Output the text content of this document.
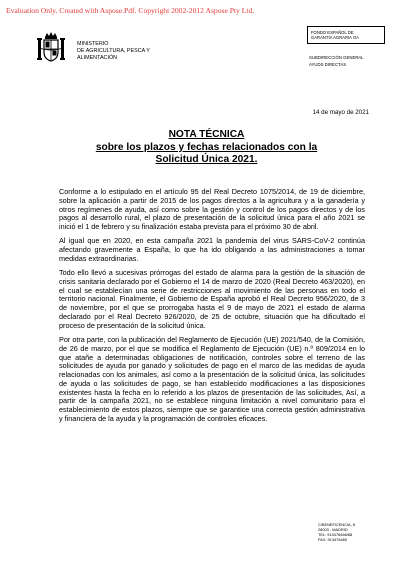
Evaluation Only. Created with Aspose.Pdf. Copyright 2002-2012 Aspose Pty Ltd.
MINISTERIO
DE AGRICULTURA, PESCA Y
ALIMENTACIÓN
FONDO ESPAÑOL DE
GARANTÍA AGRARIA OA
SUBDIRECCIÓN GENERAL
AYUDS DIRECTAS
14 de mayo de 2021
NOTA TÉCNICA
sobre los plazos y fechas relacionados con la
Solicitud Única 2021.

Conforme a lo estipulado en el artículo 95 del Real Decreto 1075/2014, de 19 de diciembre, sobre la aplicación a partir de 2015 de los pagos directos a la agricultura y a la ganadería y otros regímenes de ayuda, así como sobre la gestión y control de los pagos directos y de los pagos al desarrollo rural, el plazo de presentación de la solicitud única para el año 2021 se inició el 1 de febrero y su finalización estaba prevista para el próximo 30 de abril.

Al igual que en 2020, en esta campaña 2021 la pandemia del virus SARS-CoV-2 continúa afectando gravemente a España, lo que ha ido obligando a las administraciones a tomar medidas extraordinarias.

Todo ello llevó a sucesivas prórrogas del estado de alarma para la gestión de la situación de crisis sanitaria declarado por el Gobierno el 14 de marzo de 2020 (Real Decreto 463/2020), en el cual se establecían una serie de restricciones al movimiento de las personas en todo el territorio nacional. Finalmente, el Gobierno de España aprobó el Real Decreto 956/2020, de 3 de noviembre, por el que se prorrogaba hasta el 9 de mayo de 2021 el estado de alarma declarado por el Real Decreto 926/2020, de 25 de octubre, situación que ha dificultado el proceso de presentación de la solicitud única.

Por otra parte, con la publicación del Reglamento de Ejecución (UE) 2021/540, de la Comisión, de 26 de marzo, por el que se modifica el Reglamento de Ejecución (UE) n.º 809/2014 en lo que atañe a determinadas obligaciones de notificación, controles sobre el terreno de las solicitudes de ayuda por ganado y solicitudes de pago en el marco de las medidas de ayuda relacionadas con los animales, así como a la presentación de la solicitud única, las solicitudes de ayuda o las solicitudes de pago, se han establecido modificaciones a las disposiciones existentes hasta la fecha en lo referido a los plazos de presentación de las solicitudes, Así, a partir de la campaña 2021, no se establece ninguna limitación a nivel comunitario para el establecimiento de estos plazos, siempre que se garantice una correcta gestión administrativa y financiera de la ayuda y la programación de controles eficaces.

C/BENEFICENCIA, 8
28003 - MADRID
TEL: 913476466/68
FAX: 913476465
